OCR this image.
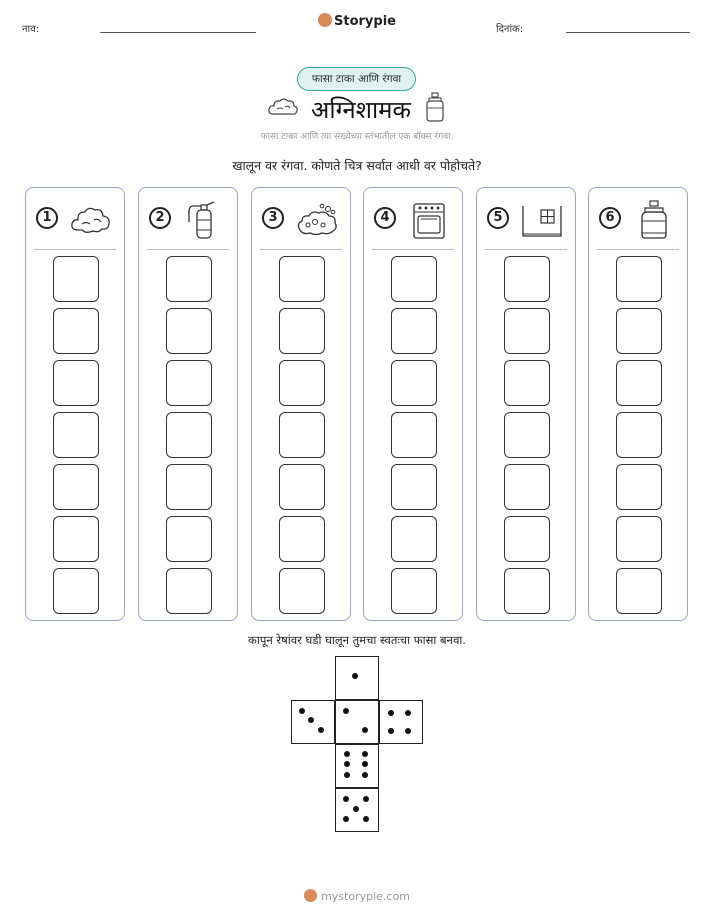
नाव:
Storypie
दिनांक:
फासा टाका आणि रंगवा
अग्निशामक
फासा टाका आणि त्या संख्येच्या स्तंभातील एक बॉक्स रंगवा.
खालून वर रंगवा. कोणते चित्र सर्वात आधी वर पोहोचते?
1	2	3	4	5	6
कापून रेषांवर घडी घालून तुमचा स्वतःचा फासा बनवा.
mystorypie.com
